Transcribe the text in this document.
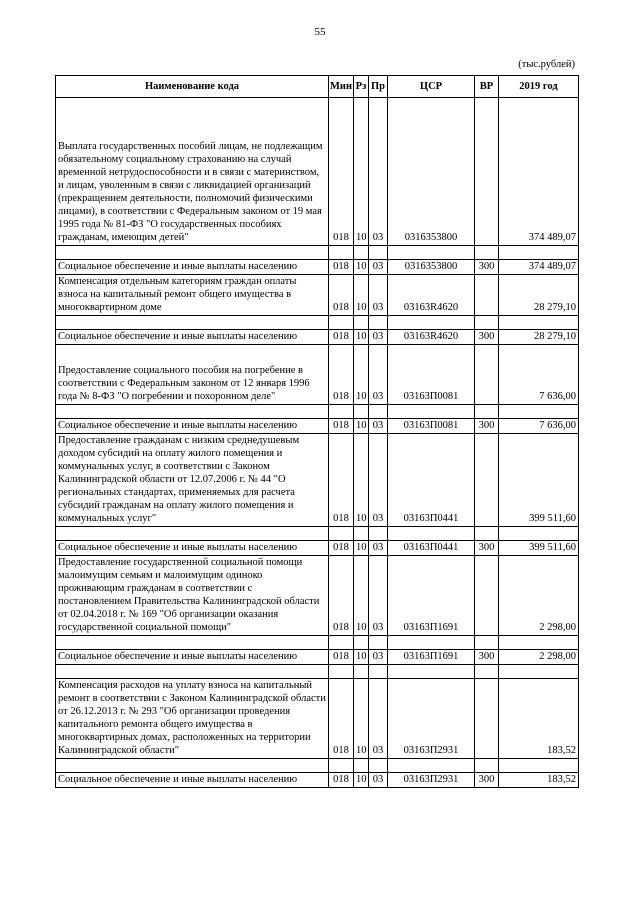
55
(тыс.рублей)
Наименование кода	Мин	Рз	Пр	ЦСР	ВР	2019 год
Выплата государственных пособий лицам, не подлежащим обязательному социальному страхованию на случай временной нетрудоспособности и в связи с материнством, и лицам, уволенным в связи с ликвидацией организаций (прекращением деятельности, полномочий физическими лицами), в соответствии с Федеральным законом от 19 мая 1995 года № 81-ФЗ "О государственных пособиях гражданам, имеющим детей"	018	10	03	0316353800		374 489,07

Социальное обеспечение и иные выплаты населению	018	10	03	0316353800	300	374 489,07
Компенсация отдельным категориям граждан оплаты взноса на капитальный ремонт общего имущества в многоквартирном доме	018	10	03	03163R4620		28 279,10

Социальное обеспечение и иные выплаты населению	018	10	03	03163R4620	300	28 279,10
Предоставление социального пособия на погребение в соответствии с Федеральным законом от 12 января 1996 года № 8-ФЗ "О погребении и похоронном деле"	018	10	03	03163П0081		7 636,00

Социальное обеспечение и иные выплаты населению	018	10	03	03163П0081	300	7 636,00
Предоставление гражданам с низким среднедушевым доходом субсидий на оплату жилого помещения и коммунальных услуг, в соответствии с Законом Калининградской области от 12.07.2006 г. № 44 "О региональных стандартах, применяемых для расчета субсидий гражданам на оплату жилого помещения и коммунальных услуг"	018	10	03	03163П0441		399 511,60

Социальное обеспечение и иные выплаты населению	018	10	03	03163П0441	300	399 511,60
Предоставление государственной социальной помощи малоимущим семьям и малоимущим одиноко проживающим гражданам в соответствии с постановлением Правительства Калининградской области от 02.04.2018 г. № 169 "Об организации оказания государственной социальной помощи"	018	10	03	03163П1691		2 298,00

Социальное обеспечение и иные выплаты населению	018	10	03	03163П1691	300	2 298,00

Компенсация расходов на уплату взноса на капитальный ремонт в соответствии с Законом Калининградской области от 26.12.2013 г. № 293 "Об организации проведения капитального ремонта общего имущества в многоквартирных домах, расположенных на территории Калининградской области"	018	10	03	03163П2931		183,52

Социальное обеспечение и иные выплаты населению	018	10	03	03163П2931	300	183,52
